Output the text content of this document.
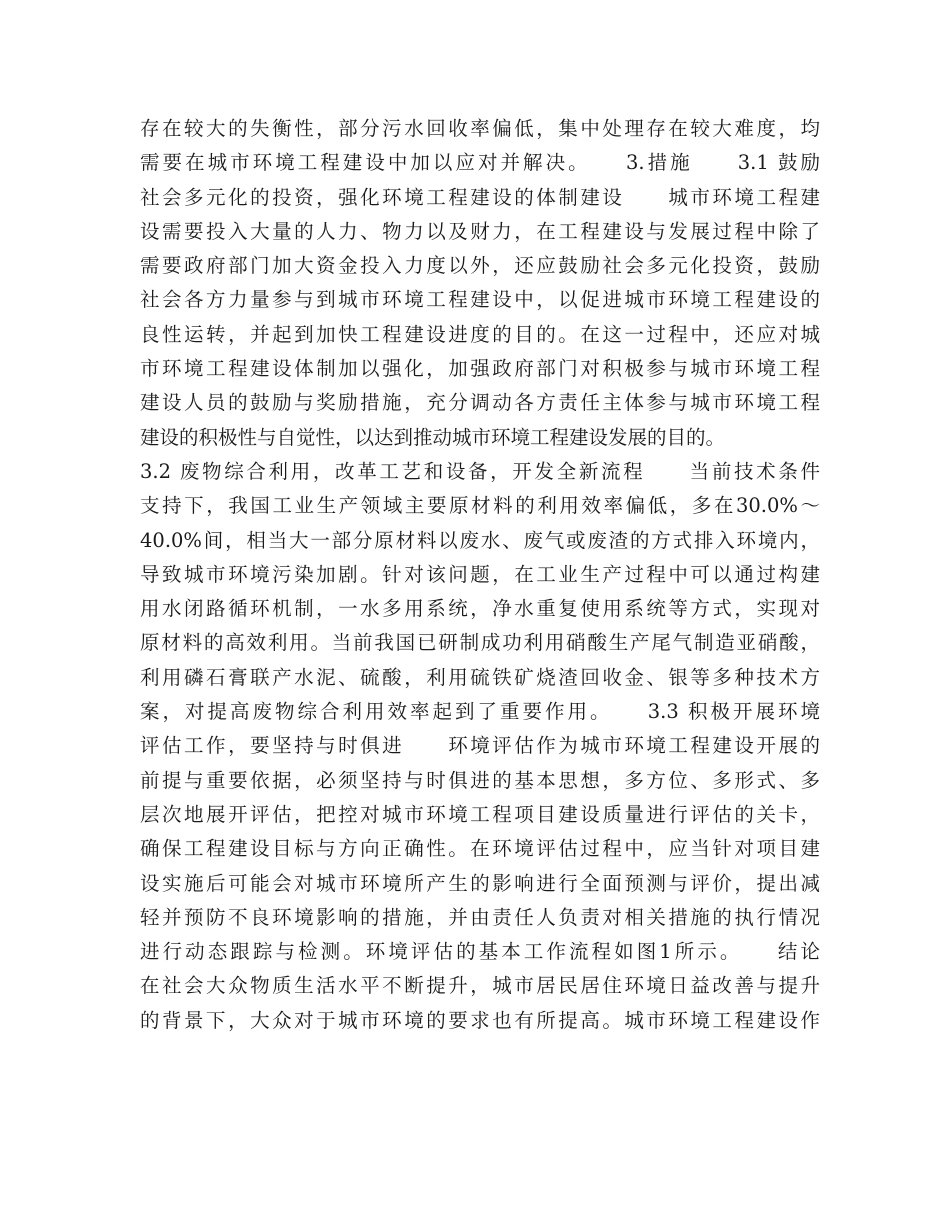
存在较大的失衡性，部分污水回收率偏低，集中处理存在较大难度，均
需要在城市环境工程建设中加以应对并解决。　　3.措施　　3.1 鼓励
社会多元化的投资，强化环境工程建设的体制建设　　城市环境工程建
设需要投入大量的人力、物力以及财力，在工程建设与发展过程中除了
需要政府部门加大资金投入力度以外，还应鼓励社会多元化投资，鼓励
社会各方力量参与到城市环境工程建设中，以促进城市环境工程建设的
良性运转，并起到加快工程建设进度的目的。在这一过程中，还应对城
市环境工程建设体制加以强化，加强政府部门对积极参与城市环境工程
建设人员的鼓励与奖励措施，充分调动各方责任主体参与城市环境工程
建设的积极性与自觉性，以达到推动城市环境工程建设发展的目的。
3.2 废物综合利用，改革工艺和设备，开发全新流程　　当前技术条件
支持下，我国工业生产领域主要原材料的利用效率偏低，多在30.0%～
40.0%间，相当大一部分原材料以废水、废气或废渣的方式排入环境内，
导致城市环境污染加剧。针对该问题，在工业生产过程中可以通过构建
用水闭路循环机制，一水多用系统，净水重复使用系统等方式，实现对
原材料的高效利用。当前我国已研制成功利用硝酸生产尾气制造亚硝酸，
利用磷石膏联产水泥、硫酸，利用硫铁矿烧渣回收金、银等多种技术方
案，对提高废物综合利用效率起到了重要作用。　　3.3 积极开展环境
评估工作，要坚持与时俱进　　环境评估作为城市环境工程建设开展的
前提与重要依据，必须坚持与时俱进的基本思想，多方位、多形式、多
层次地展开评估，把控对城市环境工程项目建设质量进行评估的关卡，
确保工程建设目标与方向正确性。在环境评估过程中，应当针对项目建
设实施后可能会对城市环境所产生的影响进行全面预测与评价，提出减
轻并预防不良环境影响的措施，并由责任人负责对相关措施的执行情况
进行动态跟踪与检测。环境评估的基本工作流程如图1所示。　　结论
在社会大众物质生活水平不断提升，城市居民居住环境日益改善与提升
的背景下，大众对于城市环境的要求也有所提高。城市环境工程建设作
